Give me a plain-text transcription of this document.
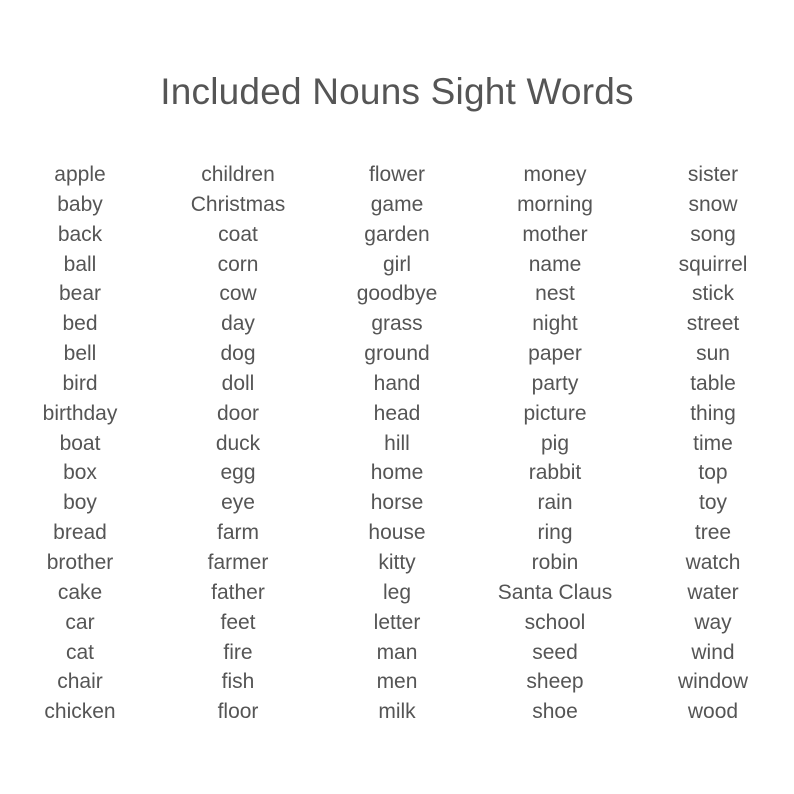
Included Nouns Sight Words
apple
baby
back
ball
bear
bed
bell
bird
birthday
boat
box
boy
bread
brother
cake
car
cat
chair
chicken
children
Christmas
coat
corn
cow
day
dog
doll
door
duck
egg
eye
farm
farmer
father
feet
fire
fish
floor
flower
game
garden
girl
goodbye
grass
ground
hand
head
hill
home
horse
house
kitty
leg
letter
man
men
milk
money
morning
mother
name
nest
night
paper
party
picture
pig
rabbit
rain
ring
robin
Santa Claus
school
seed
sheep
shoe
sister
snow
song
squirrel
stick
street
sun
table
thing
time
top
toy
tree
watch
water
way
wind
window
wood
